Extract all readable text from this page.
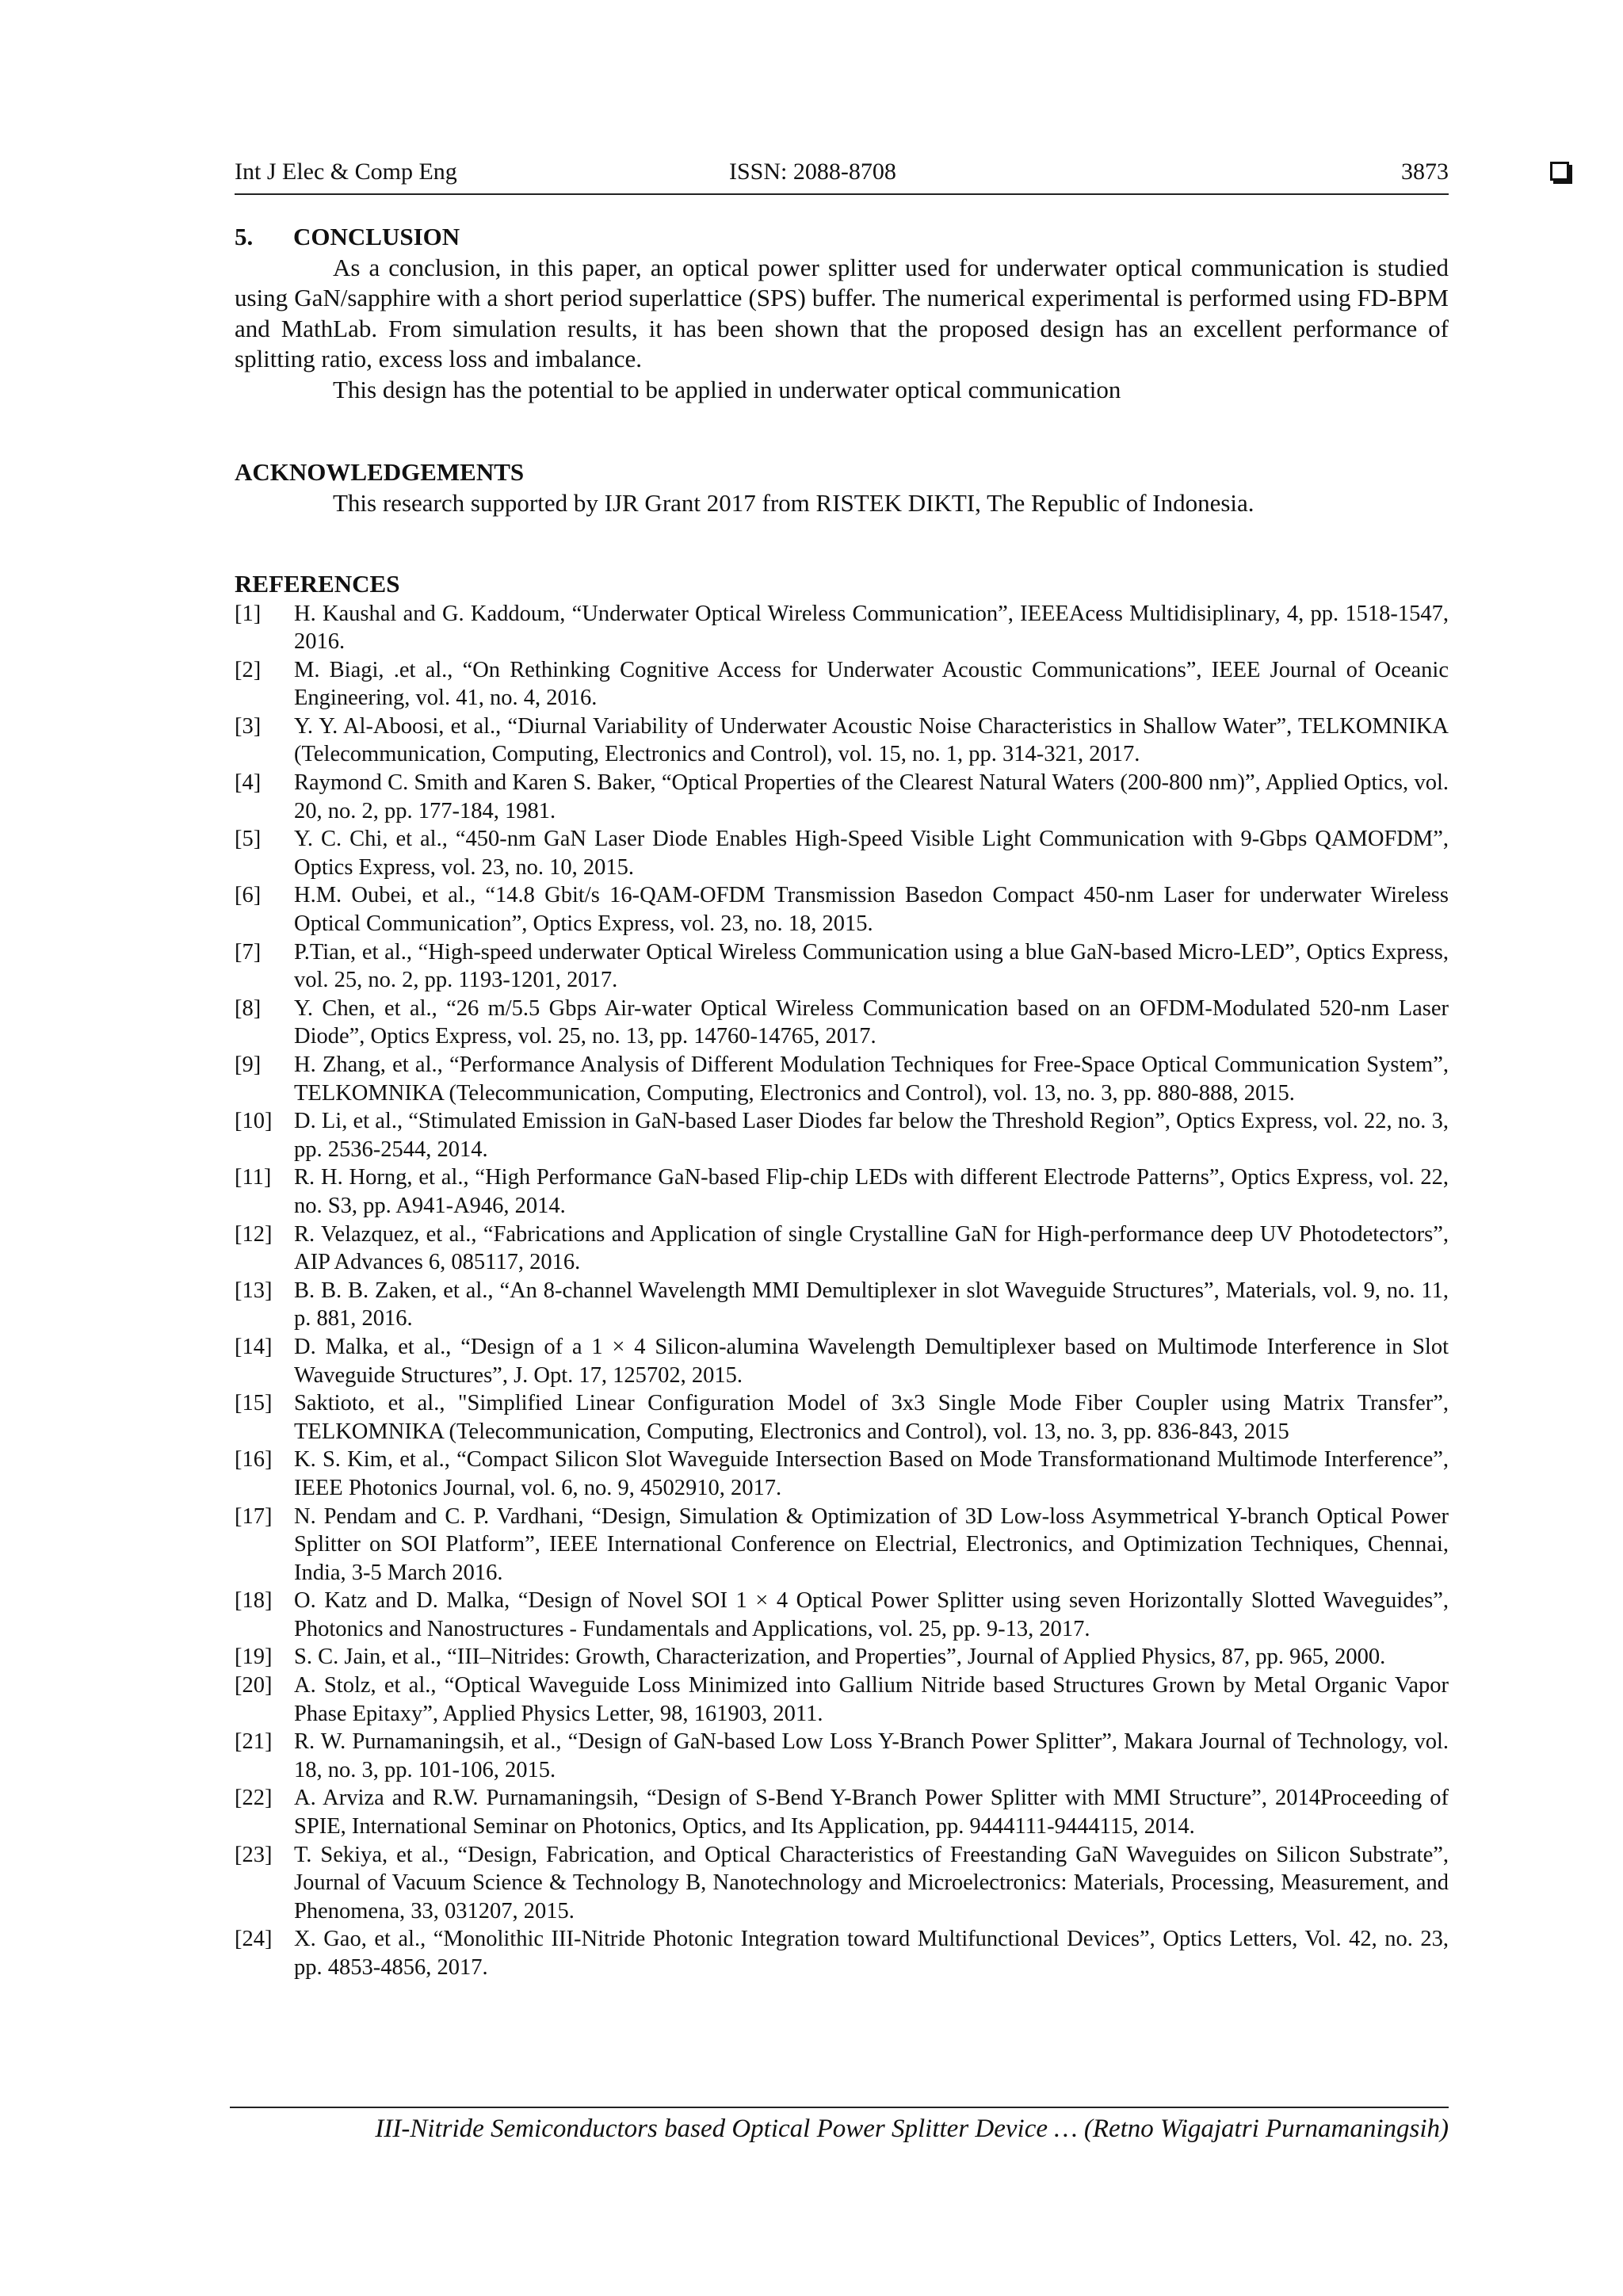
Int J Elec & Comp Eng	ISSN: 2088-8708	3873

5. CONCLUSION

As a conclusion, in this paper, an optical power splitter used for underwater optical communication is studied using GaN/sapphire with a short period superlattice (SPS) buffer. The numerical experimental is performed using FD-BPM and MathLab. From simulation results, it has been shown that the proposed design has an excellent performance of splitting ratio, excess loss and imbalance.

This design has the potential to be applied in underwater optical communication

ACKNOWLEDGEMENTS

This research supported by IJR Grant 2017 from RISTEK DIKTI, The Republic of Indonesia.

REFERENCES

[1] H. Kaushal and G. Kaddoum, “Underwater Optical Wireless Communication”, IEEEAcess Multidisiplinary, 4, pp. 1518-1547, 2016.
[2] M. Biagi, .et al., “On Rethinking Cognitive Access for Underwater Acoustic Communications”, IEEE Journal of Oceanic Engineering, vol. 41, no. 4, 2016.
[3] Y. Y. Al-Aboosi, et al., “Diurnal Variability of Underwater Acoustic Noise Characteristics in Shallow Water”, TELKOMNIKA (Telecommunication, Computing, Electronics and Control), vol. 15, no. 1, pp. 314-321, 2017.
[4] Raymond C. Smith and Karen S. Baker, “Optical Properties of the Clearest Natural Waters (200-800 nm)”, Applied Optics, vol. 20, no. 2, pp. 177-184, 1981.
[5] Y. C. Chi, et al., “450-nm GaN Laser Diode Enables High-Speed Visible Light Communication with 9-Gbps QAMOFDM”, Optics Express, vol. 23, no. 10, 2015.
[6] H.M. Oubei, et al., “14.8 Gbit/s 16-QAM-OFDM Transmission Basedon Compact 450-nm Laser for underwater Wireless Optical Communication”, Optics Express, vol. 23, no. 18, 2015.
[7] P.Tian, et al., “High-speed underwater Optical Wireless Communication using a blue GaN-based Micro-LED”, Optics Express, vol. 25, no. 2, pp. 1193-1201, 2017.
[8] Y. Chen, et al., “26 m/5.5 Gbps Air-water Optical Wireless Communication based on an OFDM-Modulated 520-nm Laser Diode”, Optics Express, vol. 25, no. 13, pp. 14760-14765, 2017.
[9] H. Zhang, et al., “Performance Analysis of Different Modulation Techniques for Free-Space Optical Communication System”, TELKOMNIKA (Telecommunication, Computing, Electronics and Control), vol. 13, no. 3, pp. 880-888, 2015.
[10] D. Li, et al., “Stimulated Emission in GaN-based Laser Diodes far below the Threshold Region”, Optics Express, vol. 22, no. 3, pp. 2536-2544, 2014.
[11] R. H. Horng, et al., “High Performance GaN-based Flip-chip LEDs with different Electrode Patterns”, Optics Express, vol. 22, no. S3, pp. A941-A946, 2014.
[12] R. Velazquez, et al., “Fabrications and Application of single Crystalline GaN for High-performance deep UV Photodetectors”, AIP Advances 6, 085117, 2016.
[13] B. B. B. Zaken, et al., “An 8-channel Wavelength MMI Demultiplexer in slot Waveguide Structures”, Materials, vol. 9, no. 11, p. 881, 2016.
[14] D. Malka, et al., “Design of a 1 × 4 Silicon-alumina Wavelength Demultiplexer based on Multimode Interference in Slot Waveguide Structures”, J. Opt. 17, 125702, 2015.
[15] Saktioto, et al., "Simplified Linear Configuration Model of 3x3 Single Mode Fiber Coupler using Matrix Transfer”, TELKOMNIKA (Telecommunication, Computing, Electronics and Control), vol. 13, no. 3, pp. 836-843, 2015
[16] K. S. Kim, et al., “Compact Silicon Slot Waveguide Intersection Based on Mode Transformationand Multimode Interference”, IEEE Photonics Journal, vol. 6, no. 9, 4502910, 2017.
[17] N. Pendam and C. P. Vardhani, “Design, Simulation & Optimization of 3D Low-loss Asymmetrical Y-branch Optical Power Splitter on SOI Platform”, IEEE International Conference on Electrial, Electronics, and Optimization Techniques, Chennai, India, 3-5 March 2016.
[18] O. Katz and D. Malka, “Design of Novel SOI 1 × 4 Optical Power Splitter using seven Horizontally Slotted Waveguides”, Photonics and Nanostructures - Fundamentals and Applications, vol. 25, pp. 9-13, 2017.
[19] S. C. Jain, et al., “III–Nitrides: Growth, Characterization, and Properties”, Journal of Applied Physics, 87, pp. 965, 2000.
[20] A. Stolz, et al., “Optical Waveguide Loss Minimized into Gallium Nitride based Structures Grown by Metal Organic Vapor Phase Epitaxy”, Applied Physics Letter, 98, 161903, 2011.
[21] R. W. Purnamaningsih, et al., “Design of GaN-based Low Loss Y-Branch Power Splitter”, Makara Journal of Technology, vol. 18, no. 3, pp. 101-106, 2015.
[22] A. Arviza and R.W. Purnamaningsih, “Design of S-Bend Y-Branch Power Splitter with MMI Structure”, 2014Proceeding of SPIE, International Seminar on Photonics, Optics, and Its Application, pp. 9444111-9444115, 2014.
[23] T. Sekiya, et al., “Design, Fabrication, and Optical Characteristics of Freestanding GaN Waveguides on Silicon Substrate”, Journal of Vacuum Science & Technology B, Nanotechnology and Microelectronics: Materials, Processing, Measurement, and Phenomena, 33, 031207, 2015.
[24] X. Gao, et al., “Monolithic III-Nitride Photonic Integration toward Multifunctional Devices”, Optics Letters, Vol. 42, no. 23, pp. 4853-4856, 2017.
III-Nitride Semiconductors based Optical Power Splitter Device … (Retno Wigajatri Purnamaningsih)
